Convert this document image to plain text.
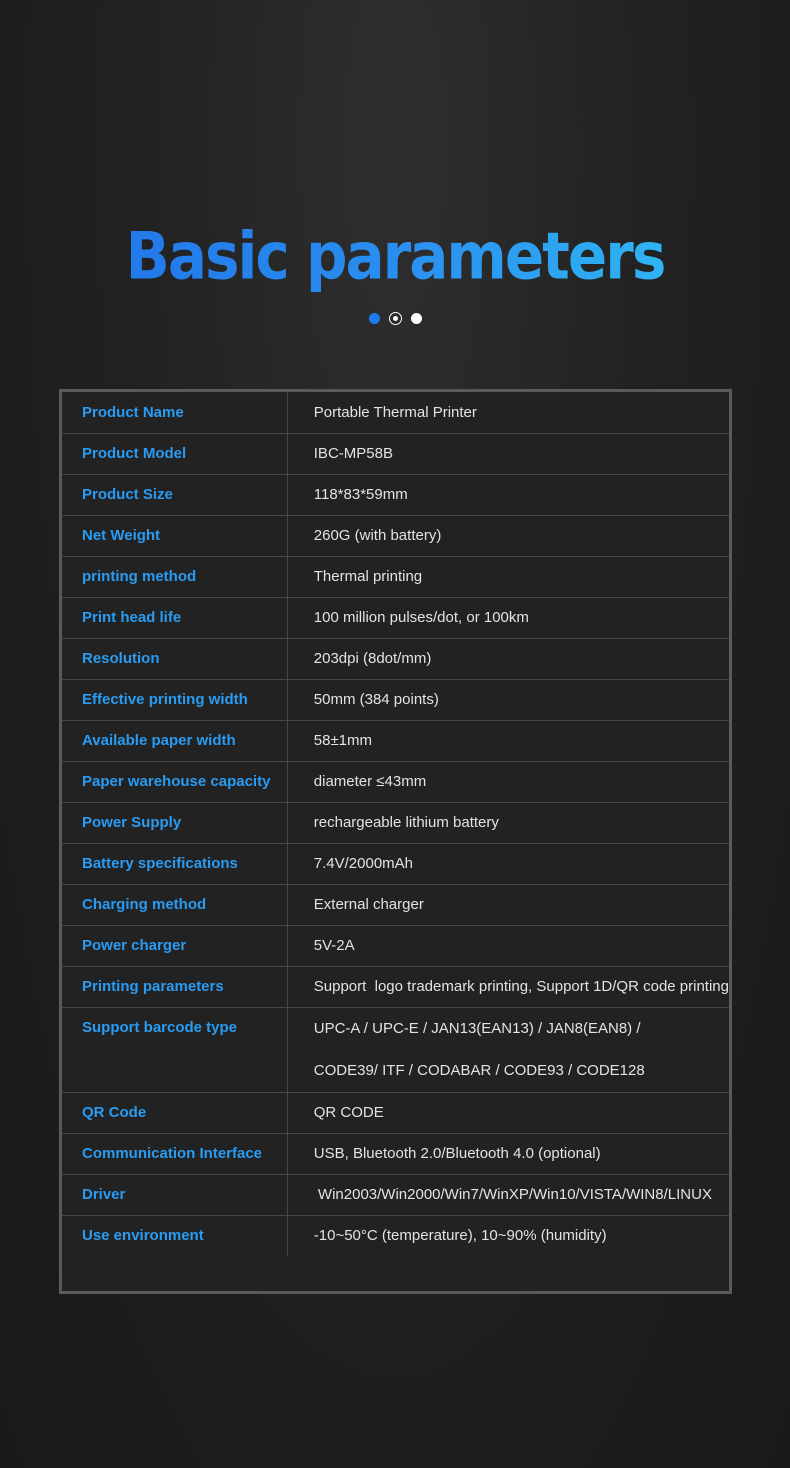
Basic parameters
Product Name	Portable Thermal Printer
Product Model	IBC-MP58B
Product Size	118*83*59mm
Net Weight	260G (with battery)
printing method	Thermal printing
Print head life	100 million pulses/dot, or 100km
Resolution	203dpi (8dot/mm)
Effective printing width	50mm (384 points)
Available paper width	58±1mm
Paper warehouse capacity	diameter ≤43mm
Power Supply	rechargeable lithium battery
Battery specifications	7.4V/2000mAh
Charging method	External charger
Power charger	5V-2A
Printing parameters	Support  logo trademark printing, Support 1D/QR code printing
Support barcode type	UPC-A / UPC-E / JAN13(EAN13) / JAN8(EAN8) /
CODE39/ ITF / CODABAR / CODE93 / CODE128

QR Code	QR CODE
Communication Interface	USB, Bluetooth 2.0/Bluetooth 4.0 (optional)
Driver	Win2003/Win2000/Win7/WinXP/Win10/VISTA/WIN8/LINUX
Use environment	-10~50°C (temperature), 10~90% (humidity)
